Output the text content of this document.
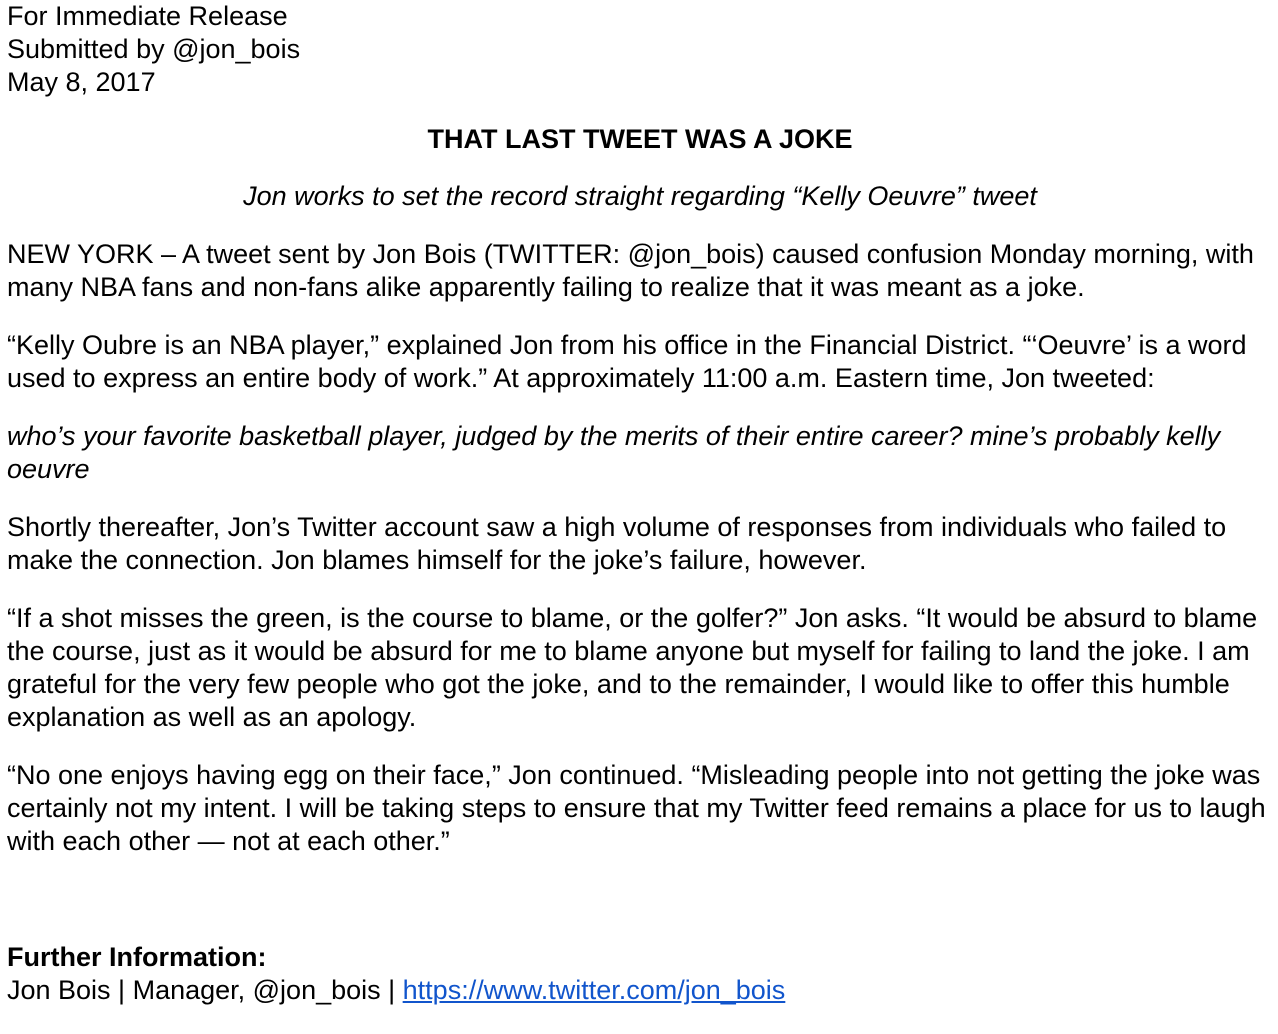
For Immediate Release
Submitted by @jon_bois
May 8, 2017
THAT LAST TWEET WAS A JOKE
Jon works to set the record straight regarding “Kelly Oeuvre” tweet
NEW YORK – A tweet sent by Jon Bois (TWITTER: @jon_bois) caused confusion Monday morning, with many NBA fans and non-fans alike apparently failing to realize that it was meant as a joke.
“Kelly Oubre is an NBA player,” explained Jon from his office in the Financial District. “‘Oeuvre’ is a word used to express an entire body of work.” At approximately 11:00 a.m. Eastern time, Jon tweeted:
who’s your favorite basketball player, judged by the merits of their entire career? mine’s probably kelly oeuvre
Shortly thereafter, Jon’s Twitter account saw a high volume of responses from individuals who failed to make the connection. Jon blames himself for the joke’s failure, however.
“If a shot misses the green, is the course to blame, or the golfer?” Jon asks. “It would be absurd to blame the course, just as it would be absurd for me to blame anyone but myself for failing to land the joke. I am grateful for the very few people who got the joke, and to the remainder, I would like to offer this humble explanation as well as an apology.
“No one enjoys having egg on their face,” Jon continued. “Misleading people into not getting the joke was certainly not my intent. I will be taking steps to ensure that my Twitter feed remains a place for us to laugh with each other — not at each other.”
Further Information:
Jon Bois | Manager, @jon_bois | https://www.twitter.com/jon_bois
